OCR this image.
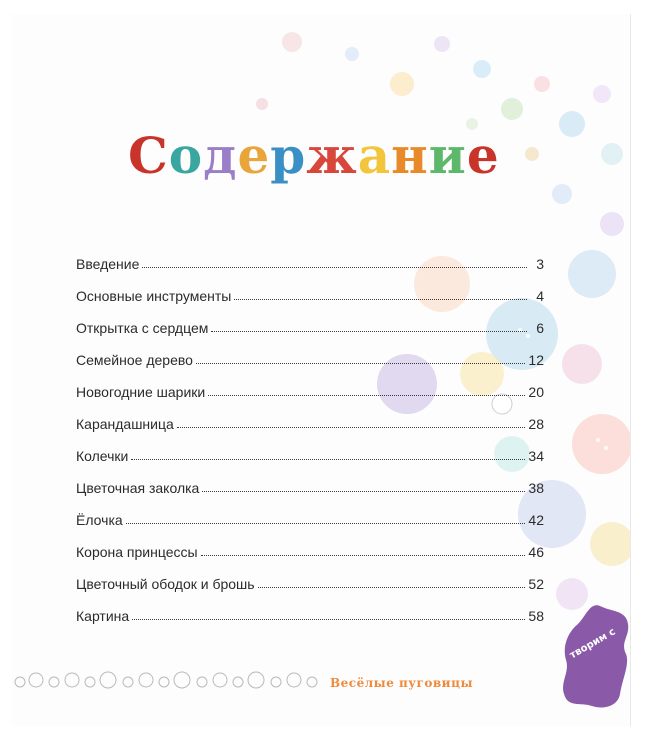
Содержание
Введение	3
Основные инструменты	4
Открытка с сердцем	6
Семейное дерево	12
Новогодние шарики	20
Карандашница	28
Колечки	34
Цветочная заколка	38
Ёлочка	42
Корона принцессы	46
Цветочный ободок и брошь	52
Картина	58
Весёлые пуговицы
творим с
